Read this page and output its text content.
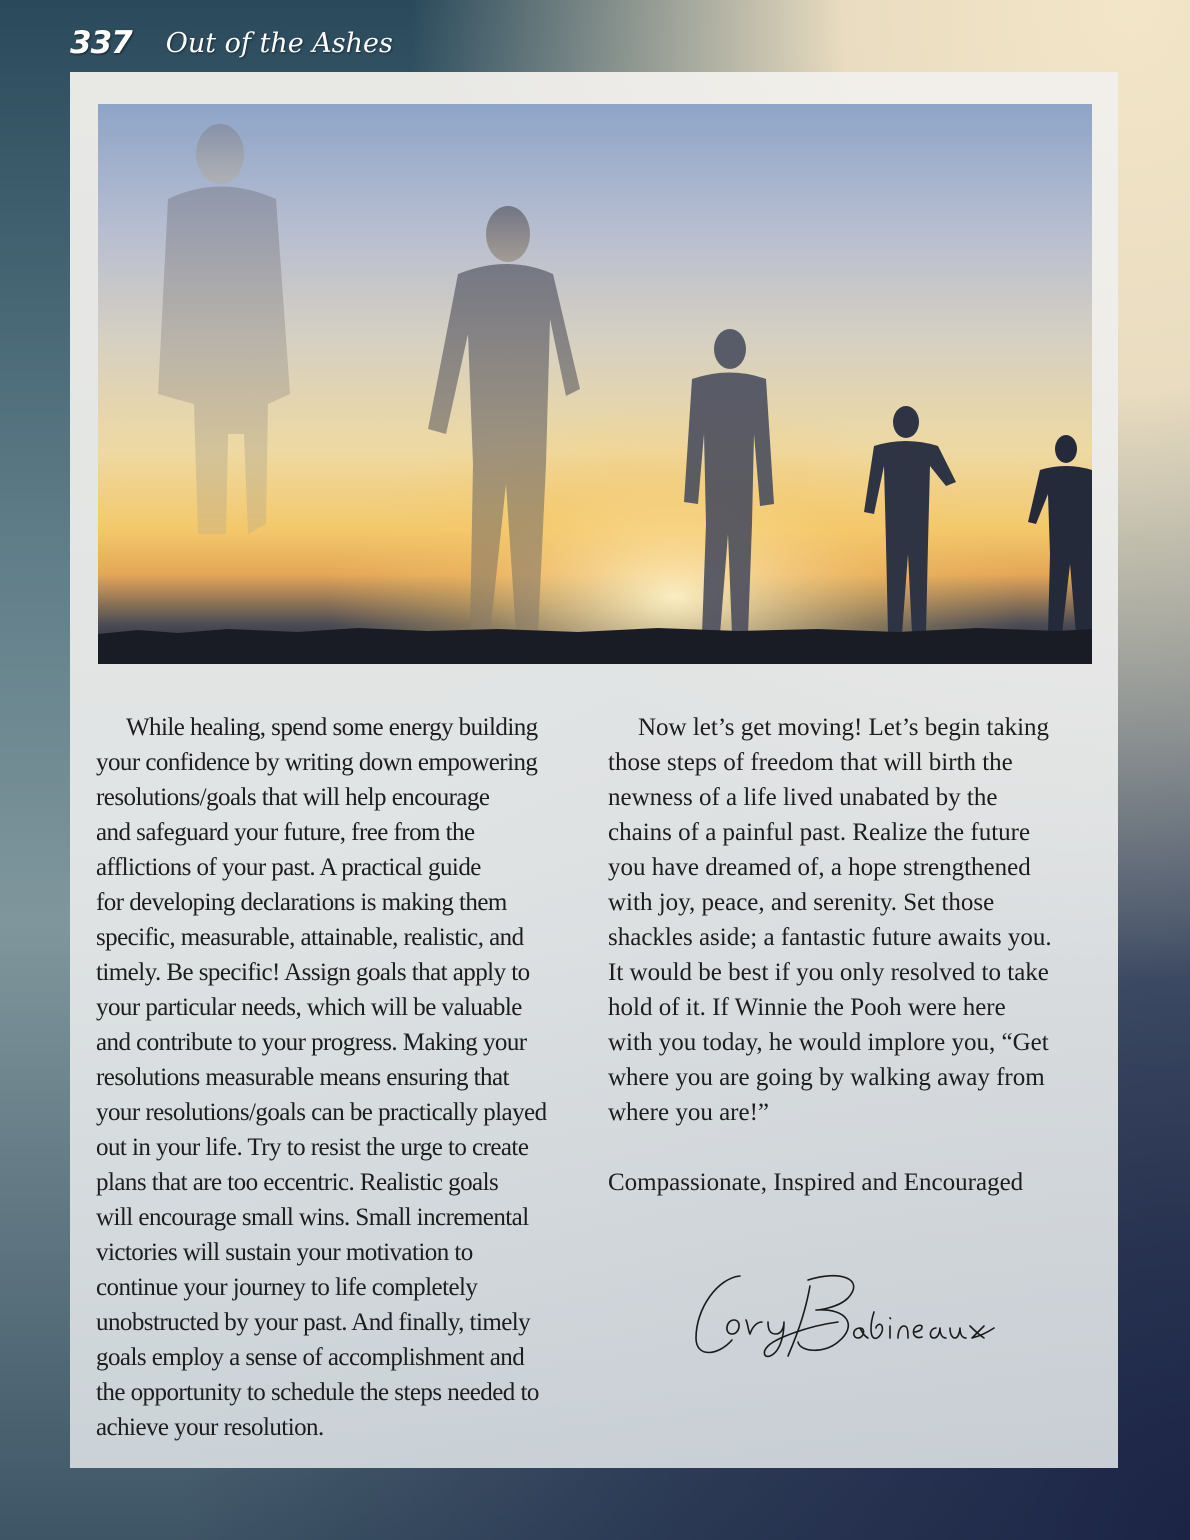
337 Out of the Ashes
While healing, spend some energy building
your confidence by writing down empowering
resolutions/goals that will help encourage
and safeguard your future, free from the
afflictions of your past. A practical guide
for developing declarations is making them
specific, measurable, attainable, realistic, and
timely. Be specific! Assign goals that apply to
your particular needs, which will be valuable
and contribute to your progress. Making your
resolutions measurable means ensuring that
your resolutions/goals can be practically played
out in your life. Try to resist the urge to create
plans that are too eccentric. Realistic goals
will encourage small wins. Small incremental
victories will sustain your motivation to
continue your journey to life completely
unobstructed by your past. And finally, timely
goals employ a sense of accomplishment and
the opportunity to schedule the steps needed to
achieve your resolution.
Now let’s get moving! Let’s begin taking
those steps of freedom that will birth the
newness of a life lived unabated by the
chains of a painful past. Realize the future
you have dreamed of, a hope strengthened
with joy, peace, and serenity. Set those
shackles aside; a fantastic future awaits you.
It would be best if you only resolved to take
hold of it. If Winnie the Pooh were here
with you today, he would implore you, “Get
where you are going by walking away from
where you are!”
Compassionate, Inspired and Encouraged
